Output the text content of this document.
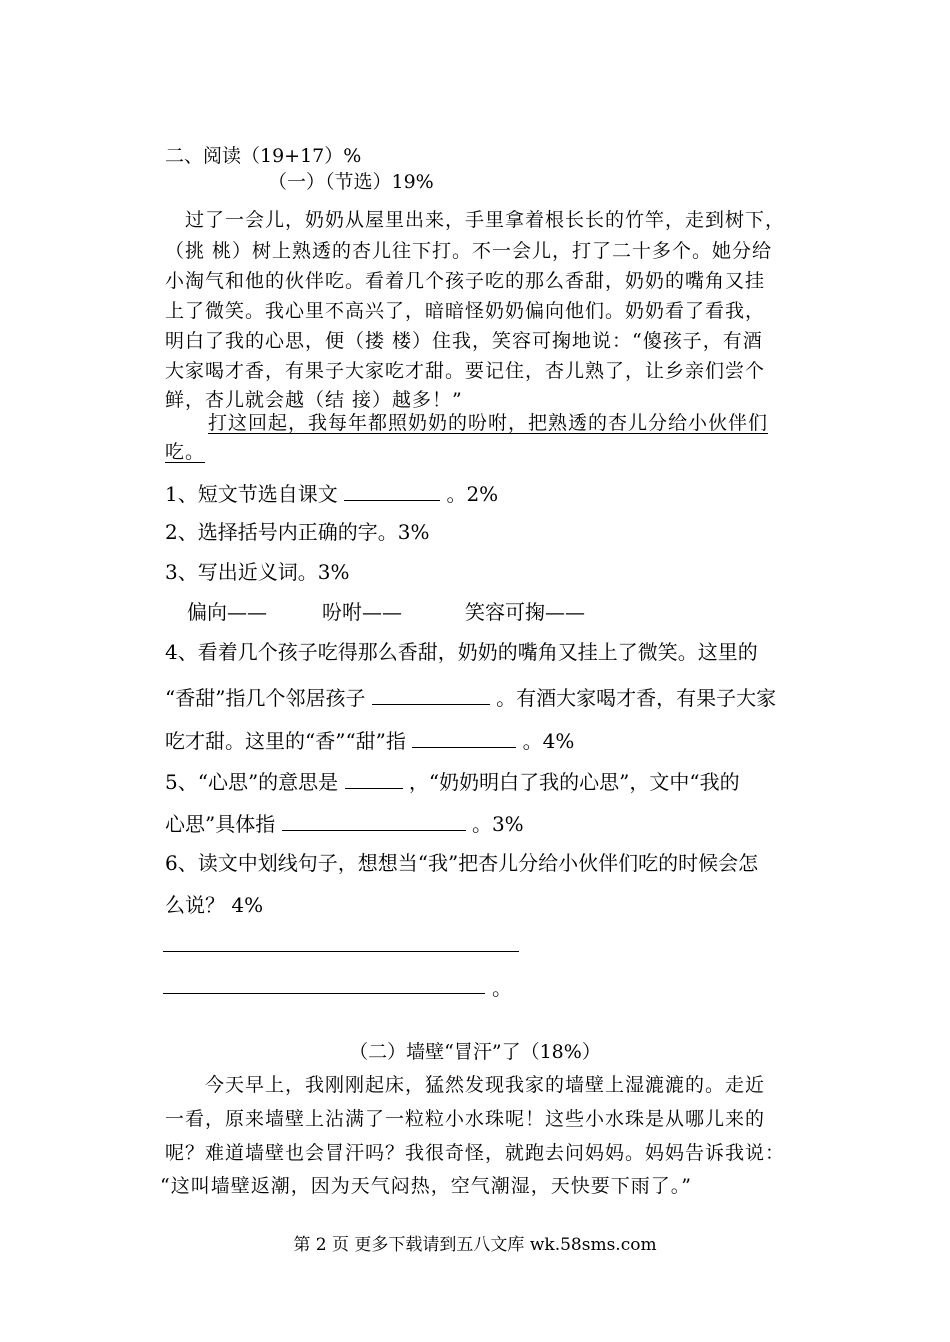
二、阅读（19+17）%
（一）（节选）19%
　过了一会儿，奶奶从屋里出来，手里拿着根长长的竹竿，走到树下，
（挑 桃）树上熟透的杏儿往下打。不一会儿，打了二十多个。她分给
小淘气和他的伙伴吃。看着几个孩子吃的那么香甜，奶奶的嘴角又挂
上了微笑。我心里不高兴了，暗暗怪奶奶偏向他们。奶奶看了看我，
明白了我的心思，便（搂 楼）住我，笑容可掬地说：“傻孩子，有酒
大家喝才香，有果子大家吃才甜。要记住，杏儿熟了，让乡亲们尝个
鲜，杏儿就会越（结 接）越多！”
打这回起，我每年都照奶奶的吩咐，把熟透的杏儿分给小伙伴们
吃。
1、短文节选自课文	。2%
2、选择括号内正确的字。3%
3、写出近义词。3%
偏向——	吩咐——	笑容可掬——
4、看着几个孩子吃得那么香甜，奶奶的嘴角又挂上了微笑。这里的
“香甜”指几个邻居孩子	。有酒大家喝才香，有果子大家
吃才甜。这里的“香”“甜”指	。4%
5、“心思”的意思是	，“奶奶明白了我的心思”，文中“我的
心思”具体指	。3%
6、读文中划线句子，想想当“我”把杏儿分给小伙伴们吃的时候会怎
么说？ 4%
。
（二）墙壁“冒汗”了（18%）
　　今天早上，我刚刚起床，猛然发现我家的墙壁上湿漉漉的。走近
一看，原来墙壁上沾满了一粒粒小水珠呢！这些小水珠是从哪儿来的
呢？难道墙壁也会冒汗吗？我很奇怪，就跑去问妈妈。妈妈告诉我说：
“这叫墙壁返潮，因为天气闷热，空气潮湿，天快要下雨了。”
第 2 页 更多下载请到五八文库 wk.58sms.com
